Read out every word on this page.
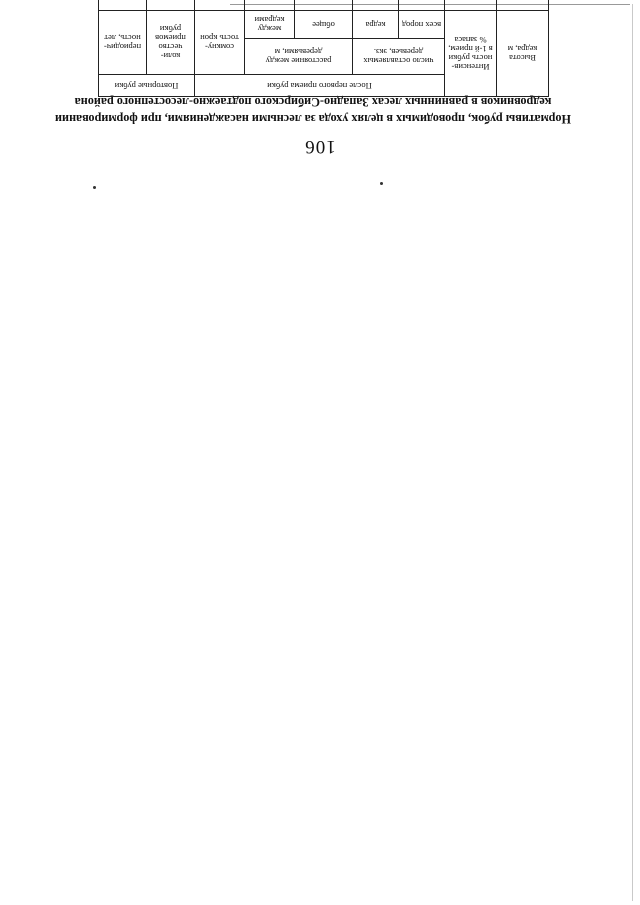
106
Нормативы рубок, проводимых в целях ухода за лесными насаждениями, при формировании
кедровников в равнинных лесах Западно-Сибирского подтаежно-лесостепного района
Высота кедра, м	Интенсив-ность рубки в 1-й прием, % запаса	После первого приема рубки					Повторные рубки	
		число оставляемых деревьев, экз.		расстояние между деревьями, м		сомкну-тость крон	коли-чество приемов рубки	периодич-ность, лет
		всех пород	кедра	общее	между кедрами			
